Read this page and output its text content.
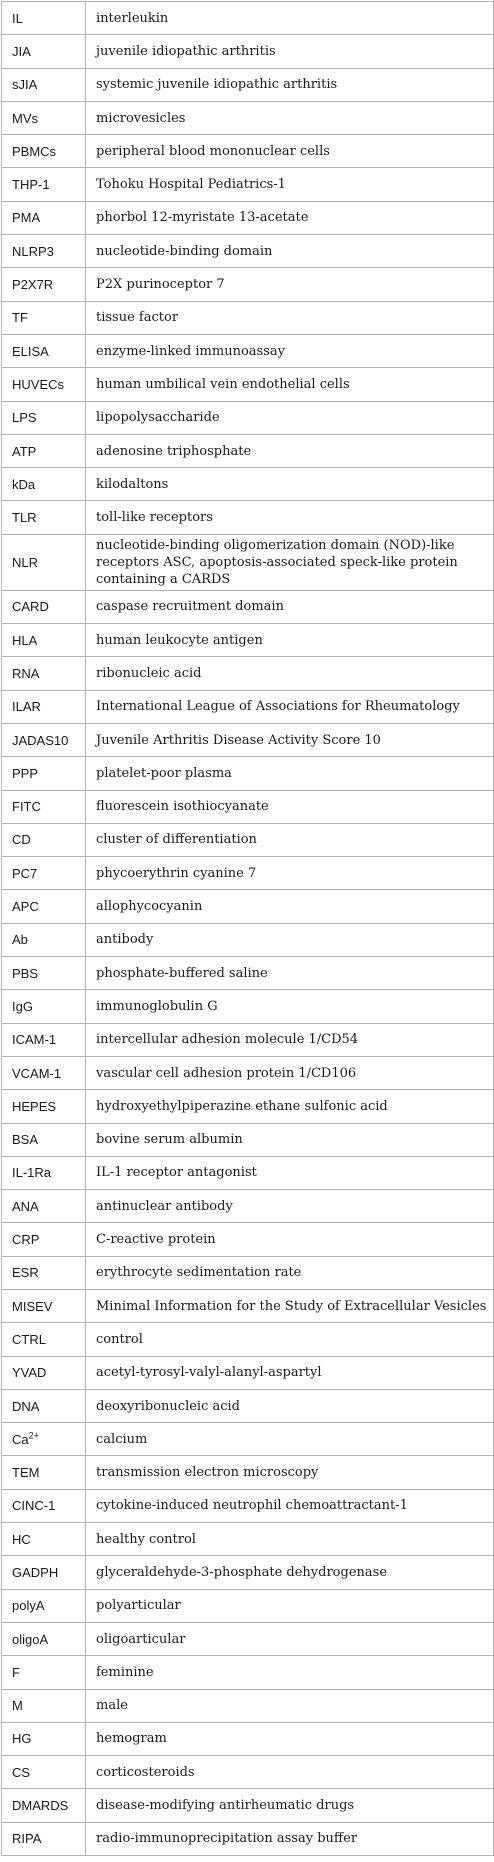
IL	interleukin
JIA	juvenile idiopathic arthritis
sJIA	systemic juvenile idiopathic arthritis
MVs	microvesicles
PBMCs	peripheral blood mononuclear cells
THP-1	Tohoku Hospital Pediatrics-1
PMA	phorbol 12-myristate 13-acetate
NLRP3	nucleotide-binding domain
P2X7R	P2X purinoceptor 7
TF	tissue factor
ELISA	enzyme-linked immunoassay
HUVECs	human umbilical vein endothelial cells
LPS	lipopolysaccharide
ATP	adenosine triphosphate
kDa	kilodaltons
TLR	toll-like receptors
NLR	nucleotide-binding oligomerization domain (NOD)-like receptors ASC, apoptosis-associated speck-like protein containing a CARDS
CARD	caspase recruitment domain
HLA	human leukocyte antigen
RNA	ribonucleic acid
ILAR	International League of Associations for Rheumatology
JADAS10	Juvenile Arthritis Disease Activity Score 10
PPP	platelet-poor plasma
FITC	fluorescein isothiocyanate
CD	cluster of differentiation
PC7	phycoerythrin cyanine 7
APC	allophycocyanin
Ab	antibody
PBS	phosphate-buffered saline
IgG	immunoglobulin G
ICAM-1	intercellular adhesion molecule 1/CD54
VCAM-1	vascular cell adhesion protein 1/CD106
HEPES	hydroxyethylpiperazine ethane sulfonic acid
BSA	bovine serum albumin
IL-1Ra	IL-1 receptor antagonist
ANA	antinuclear antibody
CRP	C-reactive protein
ESR	erythrocyte sedimentation rate
MISEV	Minimal Information for the Study of Extracellular Vesicles
CTRL	control
YVAD	acetyl-tyrosyl-valyl-alanyl-aspartyl
DNA	deoxyribonucleic acid
$Ca^{2+}$	calcium
TEM	transmission electron microscopy
CINC-1	cytokine-induced neutrophil chemoattractant-1
HC	healthy control
GADPH	glyceraldehyde-3-phosphate dehydrogenase
polyA	polyarticular
oligoA	oligoarticular
F	feminine
M	male
HG	hemogram
CS	corticosteroids
DMARDS	disease-modifying antirheumatic drugs
RIPA	radio-immunoprecipitation assay buffer
